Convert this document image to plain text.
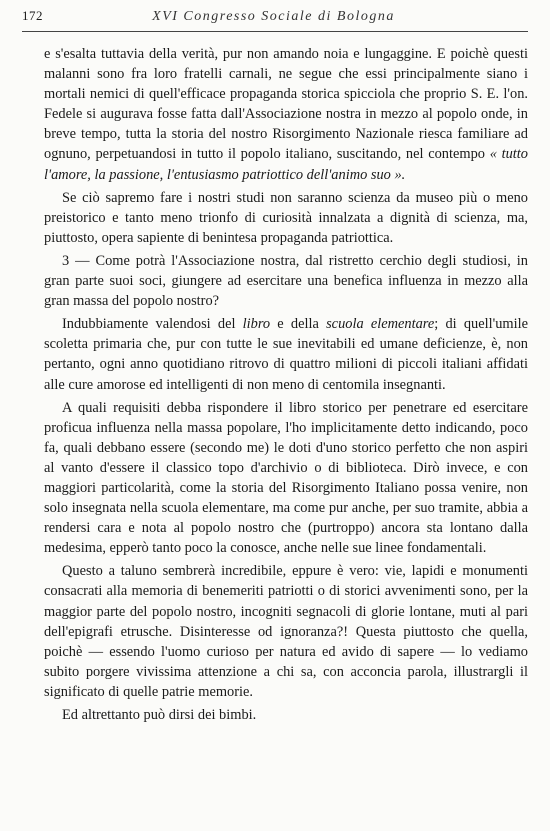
172	XVI Congresso Sociale di Bologna

e s'esalta tuttavia della verità, pur non amando noia e lungaggine. E poichè questi malanni sono fra loro fratelli carnali, ne segue che essi principalmente siano i mortali nemici di quell'efficace propaganda storica spicciola che proprio S. E. l'on. Fedele si augurava fosse fatta dall'Associazione nostra in mezzo al popolo onde, in breve tempo, tutta la storia del nostro Risorgimento Nazionale riesca familiare ad ognuno, perpetuandosi in tutto il popolo italiano, suscitando, nel contempo « tutto l'amore, la passione, l'entusiasmo patriottico dell'animo suo ».

Se ciò sapremo fare i nostri studi non saranno scienza da museo più o meno preistorico e tanto meno trionfo di curiosità innalzata a dignità di scienza, ma, piuttosto, opera sapiente di benintesa propaganda patriottica.

3 — Come potrà l'Associazione nostra, dal ristretto cerchio degli studiosi, in gran parte suoi soci, giungere ad esercitare una benefica influenza in mezzo alla gran massa del popolo nostro?

Indubbiamente valendosi del libro e della scuola elementare; di quell'umile scoletta primaria che, pur con tutte le sue inevitabili ed umane deficienze, è, non pertanto, ogni anno quotidiano ritrovo di quattro milioni di piccoli italiani affidati alle cure amorose ed intelligenti di non meno di centomila insegnanti.

A quali requisiti debba rispondere il libro storico per penetrare ed esercitare proficua influenza nella massa popolare, l'ho implicitamente detto indicando, poco fa, quali debbano essere (secondo me) le doti d'uno storico perfetto che non aspiri al vanto d'essere il classico topo d'archivio o di biblioteca. Dirò invece, e con maggiori particolarità, come la storia del Risorgimento Italiano possa venire, non solo insegnata nella scuola elementare, ma come pur anche, per suo tramite, abbia a rendersi cara e nota al popolo nostro che (purtroppo) ancora sta lontano dalla medesima, epperò tanto poco la conosce, anche nelle sue linee fondamentali.

Questo a taluno sembrerà incredibile, eppure è vero: vie, lapidi e monumenti consacrati alla memoria di benemeriti patriotti o di storici avvenimenti sono, per la maggior parte del popolo nostro, incogniti segnacoli di glorie lontane, muti al pari dell'epigrafi etrusche. Disinteresse od ignoranza?! Questa piuttosto che quella, poichè — essendo l'uomo curioso per natura ed avido di sapere — lo vediamo subito porgere vivissima attenzione a chi sa, con acconcia parola, illustrargli il significato di quelle patrie memorie.

Ed altrettanto può dirsi dei bimbi.
